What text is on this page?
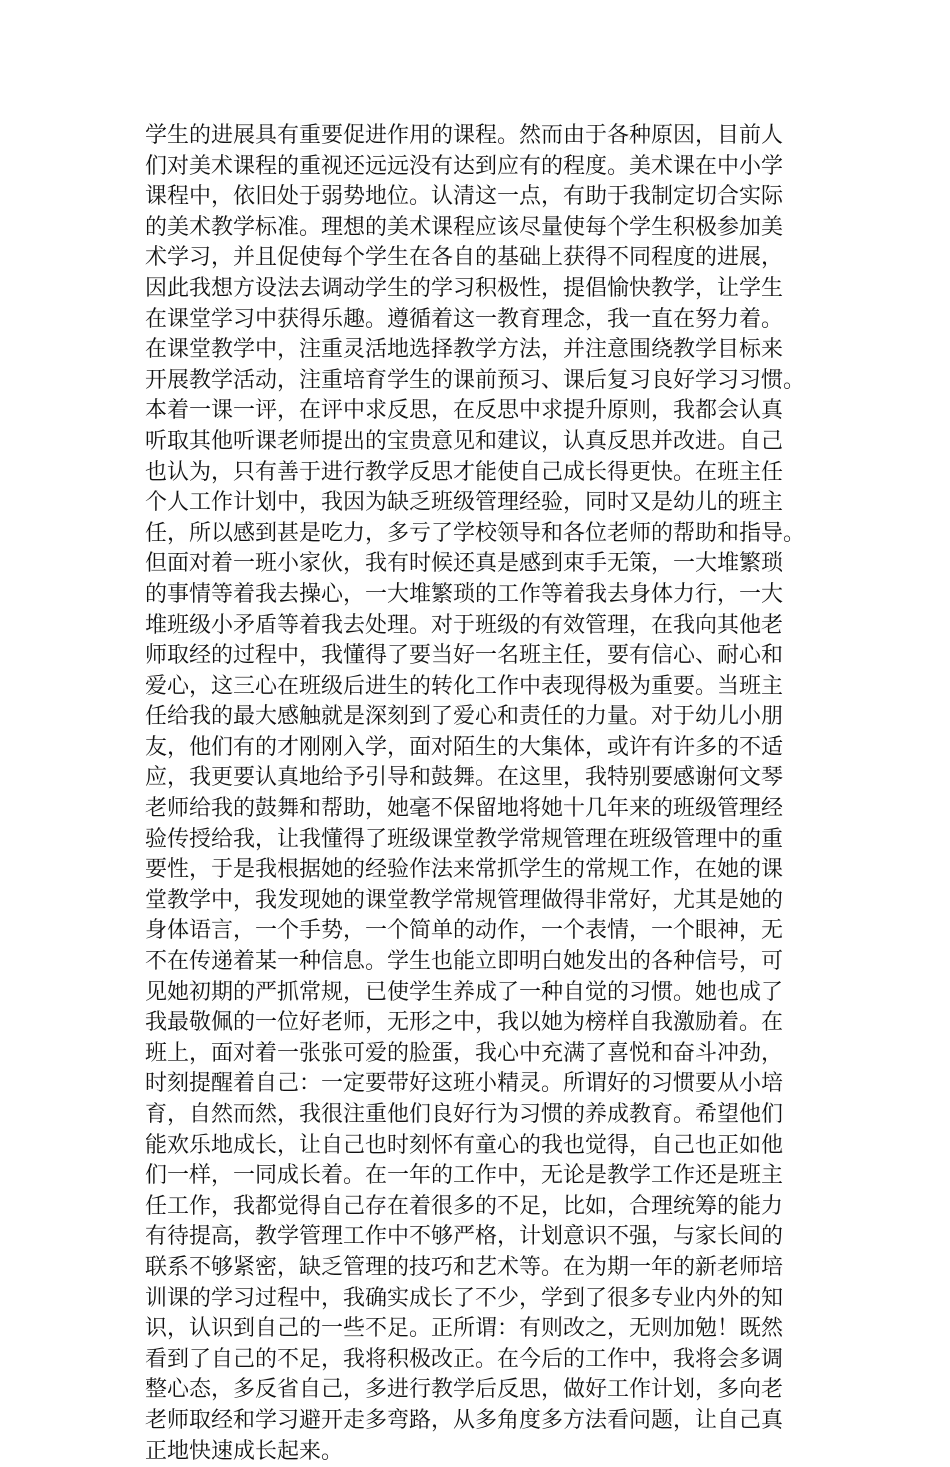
学生的进展具有重要促进作用的课程。然而由于各种原因，目前人
们对美术课程的重视还远远没有达到应有的程度。美术课在中小学
课程中，依旧处于弱势地位。认清这一点，有助于我制定切合实际
的美术教学标准。理想的美术课程应该尽量使每个学生积极参加美
术学习，并且促使每个学生在各自的基础上获得不同程度的进展，
因此我想方设法去调动学生的学习积极性，提倡愉快教学，让学生
在课堂学习中获得乐趣。遵循着这一教育理念，我一直在努力着。
在课堂教学中，注重灵活地选择教学方法，并注意围绕教学目标来
开展教学活动，注重培育学生的课前预习、课后复习良好学习习惯。
本着一课一评，在评中求反思，在反思中求提升原则，我都会认真
听取其他听课老师提出的宝贵意见和建议，认真反思并改进。自己
也认为，只有善于进行教学反思才能使自己成长得更快。在班主任
个人工作计划中，我因为缺乏班级管理经验，同时又是幼儿的班主
任，所以感到甚是吃力，多亏了学校领导和各位老师的帮助和指导。
但面对着一班小家伙，我有时候还真是感到束手无策，一大堆繁琐
的事情等着我去操心，一大堆繁琐的工作等着我去身体力行，一大
堆班级小矛盾等着我去处理。对于班级的有效管理，在我向其他老
师取经的过程中，我懂得了要当好一名班主任，要有信心、耐心和
爱心，这三心在班级后进生的转化工作中表现得极为重要。当班主
任给我的最大感触就是深刻到了爱心和责任的力量。对于幼儿小朋
友，他们有的才刚刚入学，面对陌生的大集体，或许有许多的不适
应，我更要认真地给予引导和鼓舞。在这里，我特别要感谢何文琴
老师给我的鼓舞和帮助，她毫不保留地将她十几年来的班级管理经
验传授给我，让我懂得了班级课堂教学常规管理在班级管理中的重
要性，于是我根据她的经验作法来常抓学生的常规工作，在她的课
堂教学中，我发现她的课堂教学常规管理做得非常好，尤其是她的
身体语言，一个手势，一个简单的动作，一个表情，一个眼神，无
不在传递着某一种信息。学生也能立即明白她发出的各种信号，可
见她初期的严抓常规，已使学生养成了一种自觉的习惯。她也成了
我最敬佩的一位好老师，无形之中，我以她为榜样自我激励着。在
班上，面对着一张张可爱的脸蛋，我心中充满了喜悦和奋斗冲劲，
时刻提醒着自己：一定要带好这班小精灵。所谓好的习惯要从小培
育，自然而然，我很注重他们良好行为习惯的养成教育。希望他们
能欢乐地成长，让自己也时刻怀有童心的我也觉得，自己也正如他
们一样，一同成长着。在一年的工作中，无论是教学工作还是班主
任工作，我都觉得自己存在着很多的不足，比如，合理统筹的能力
有待提高，教学管理工作中不够严格，计划意识不强，与家长间的
联系不够紧密，缺乏管理的技巧和艺术等。在为期一年的新老师培
训课的学习过程中，我确实成长了不少，学到了很多专业内外的知
识，认识到自己的一些不足。正所谓：有则改之，无则加勉！既然
看到了自己的不足，我将积极改正。在今后的工作中，我将会多调
整心态，多反省自己，多进行教学后反思，做好工作计划，多向老
老师取经和学习避开走多弯路，从多角度多方法看问题，让自己真
正地快速成长起来。
